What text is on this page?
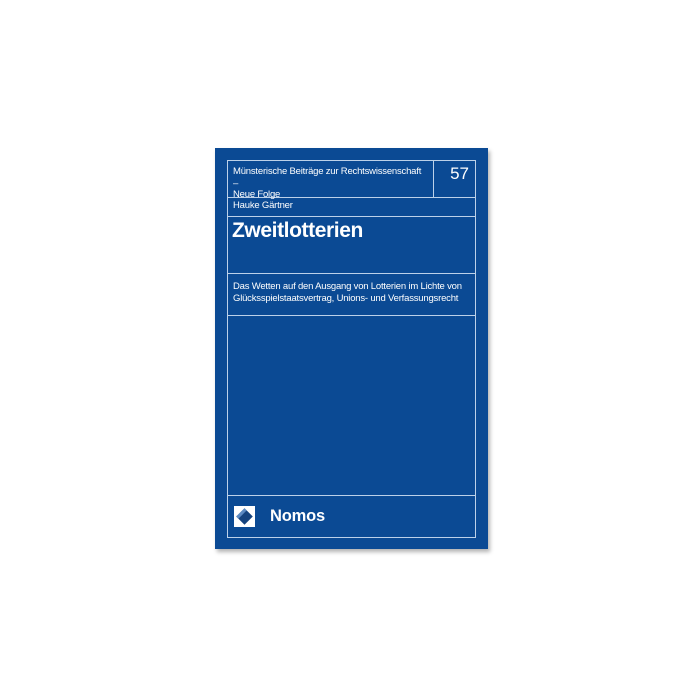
Münsterische Beiträge zur Rechtswissenschaft –
Neue Folge
57
Hauke Gärtner
Zweitlotterien
Das Wetten auf den Ausgang von Lotterien im Lichte von
Glücksspielstaatsvertrag, Unions- und Verfassungsrecht
Nomos
